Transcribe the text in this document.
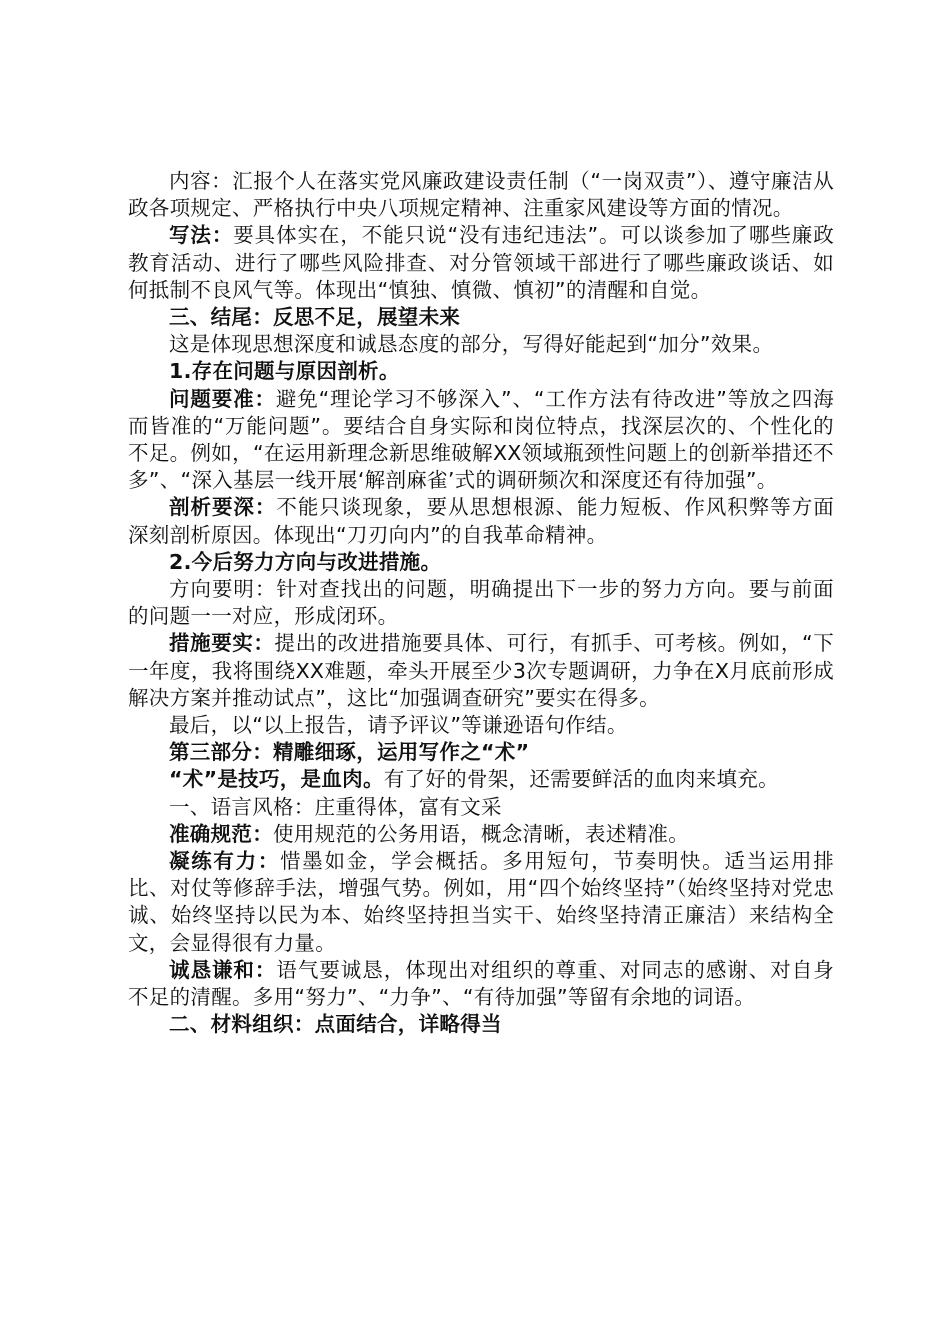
内容：汇报个人在落实党风廉政建设责任制（“一岗双责”）、遵守廉洁从政各项规定、严格执行中央八项规定精神、注重家风建设等方面的情况。

写法：要具体实在，不能只说“没有违纪违法”。可以谈参加了哪些廉政教育活动、进行了哪些风险排查、对分管领域干部进行了哪些廉政谈话、如何抵制不良风气等。体现出“慎独、慎微、慎初”的清醒和自觉。

三、结尾：反思不足，展望未来

这是体现思想深度和诚恳态度的部分，写得好能起到“加分”效果。

1.存在问题与原因剖析。

问题要准：避免“理论学习不够深入”、“工作方法有待改进”等放之四海而皆准的“万能问题”。要结合自身实际和岗位特点，找深层次的、个性化的不足。例如，“在运用新理念新思维破解XX领域瓶颈性问题上的创新举措还不多”、“深入基层一线开展‘解剖麻雀’式的调研频次和深度还有待加强”。

剖析要深：不能只谈现象，要从思想根源、能力短板、作风积弊等方面深刻剖析原因。体现出“刀刃向内”的自我革命精神。

2.今后努力方向与改进措施。

方向要明：针对查找出的问题，明确提出下一步的努力方向。要与前面的问题一一对应，形成闭环。

措施要实：提出的改进措施要具体、可行，有抓手、可考核。例如，“下一年度，我将围绕XX难题，牵头开展至少3次专题调研，力争在X月底前形成解决方案并推动试点”，这比“加强调查研究”要实在得多。

最后，以“以上报告，请予评议”等谦逊语句作结。

第三部分：精雕细琢，运用写作之“术”

“术”是技巧，是血肉。有了好的骨架，还需要鲜活的血肉来填充。

一、语言风格：庄重得体，富有文采

准确规范：使用规范的公务用语，概念清晰，表述精准。

凝练有力：惜墨如金，学会概括。多用短句，节奏明快。适当运用排比、对仗等修辞手法，增强气势。例如，用“四个始终坚持”（始终坚持对党忠诚、始终坚持以民为本、始终坚持担当实干、始终坚持清正廉洁）来结构全文，会显得很有力量。

诚恳谦和：语气要诚恳，体现出对组织的尊重、对同志的感谢、对自身不足的清醒。多用“努力”、“力争”、“有待加强”等留有余地的词语。

二、材料组织：点面结合，详略得当
